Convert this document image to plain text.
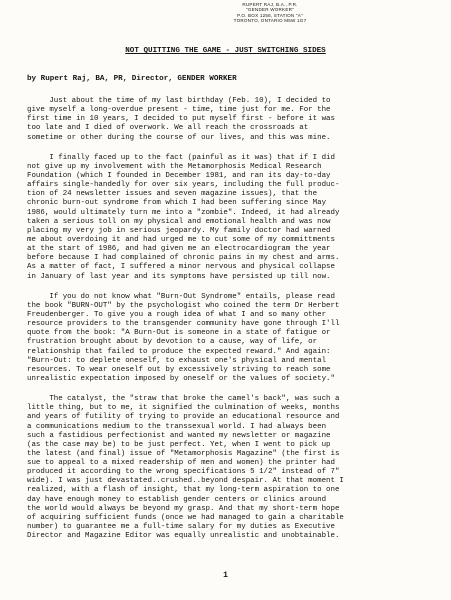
RUPERT RAJ, B.A., P.R.
"GENDER WORKER"
P.O. BOX 1256, STATION "A"
TORONTO, ONTARIO M5W 1G7
NOT QUITTING THE GAME - JUST SWITCHING SIDES
by Rupert Raj, BA, PR, Director, GENDER WORKER
Just about the time of my last birthday (Feb. 10), I decided to
give myself a long-overdue present - time, time just for me. For the
first time in 10 years, I decided to put myself first - before it was
too late and I died of overwork. We all reach the crossroads at
sometime or other during the course of our lives, and this was mine.
I finally faced up to the fact (painful as it was) that if I did
not give up my involvement with the Metamorphosis Medical Research
Foundation (which I founded in December 1981, and ran its day-to-day
affairs single-handedly for over six years, including the full produc-
tion of 24 newsletter issues and seven magazine issues), that the
chronic burn-out syndrome from which I had been suffering since May
1986, would ultimately turn me into a "zombie". Indeed, it had already
taken a serious toll on my physical and emotional health and was now
placing my very job in serious jeopardy. My family doctor had warned
me about overdoing it and had urged me to cut some of my committments
at the start of 1986, and had given me an electrocardiogram the year
before because I had complained of chronic pains in my chest and arms.
As a matter of fact, I suffered a minor nervous and physical collapse
in January of last year and its symptoms have persisted up till now.
If you do not know what "Burn-Out Syndrome" entails, please read
the book "BURN-OUT" by the psychologist who coined the term Dr Herbert
Freudenberger. To give you a rough idea of what I and so many other
resource providers to the transgender community have gone through I'll
quote from the book: "A Burn-Out is someone in a state of fatigue or
frustration brought about by devotion to a cause, way of life, or
relationship that failed to produce the expected reward." And again:
"Burn-Out: to deplete oneself, to exhaust one's physical and mental
resources. To wear oneself out by excessively striving to reach some
unrealistic expectation imposed by oneself or the values of society."
The catalyst, the "straw that broke the camel's back", was such a
little thing, but to me, it signified the culmination of weeks, months
and years of futility of trying to provide an educational resource and
a communications medium to the transsexual world. I had always been
such a fastidious perfectionist and wanted my newsletter or magazine
(as the case may be) to be just perfect. Yet, when I went to pick up
the latest (and final) issue of "Metamorphosis Magazine" (the first is
sue to appeal to a mixed readership of men and women) the printer had
produced it according to the wrong specifications 5 1/2" instead of 7"
wide). I was just devastated..crushed..beyond despair. At that moment I
realized, with a flash of insight, that my long-term aspiration to one
day have enough money to establish gender centers or clinics around
the world would always be beyond my grasp. And that my short-term hope
of acquiring sufficient funds (once we had managed to gain a charitable
number) to guarantee me a full-time salary for my duties as Executive
Director and Magazine Editor was equally unrealistic and unobtainable.
1
